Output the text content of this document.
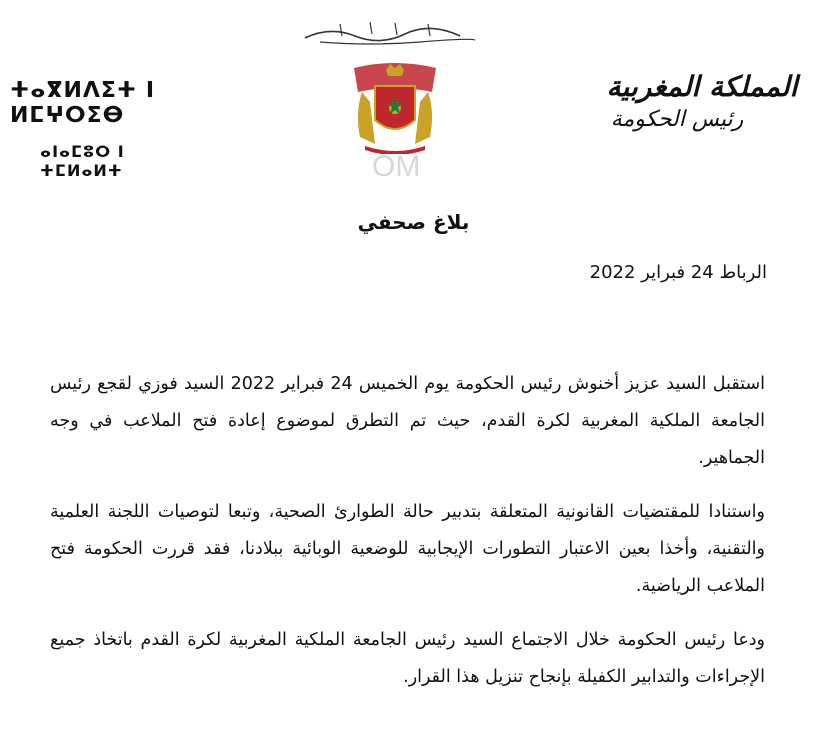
ⵜⴰⴳⵍⴷⵉⵜ ⵏ ⵍⵎⵖⵔⵉⴱ
ⴰⵏⴰⵎⵓⵔ ⵏ ⵜⵎⵍⴰⵍⵜ	OM
المملكة المغربية
رئيس الحكومة
بلاغ صحفي
الرباط 24 فبراير 2022

استقبل السيد عزيز أخنوش رئيس الحكومة يوم الخميس 24 فبراير 2022 السيد فوزي لقجع رئيس الجامعة الملكية المغربية لكرة القدم، حيث تم التطرق لموضوع إعادة فتح الملاعب في وجه الجماهير.

واستنادا للمقتضيات القانونية المتعلقة بتدبير حالة الطوارئ الصحية، وتبعا لتوصيات اللجنة العلمية والتقنية، وأخذا بعين الاعتبار التطورات الإيجابية للوضعية الوبائية ببلادنا، فقد قررت الحكومة فتح الملاعب الرياضية.

ودعا رئيس الحكومة خلال الاجتماع السيد رئيس الجامعة الملكية المغربية لكرة القدم باتخاذ جميع الإجراءات والتدابير الكفيلة بإنجاح تنزيل هذا القرار.
